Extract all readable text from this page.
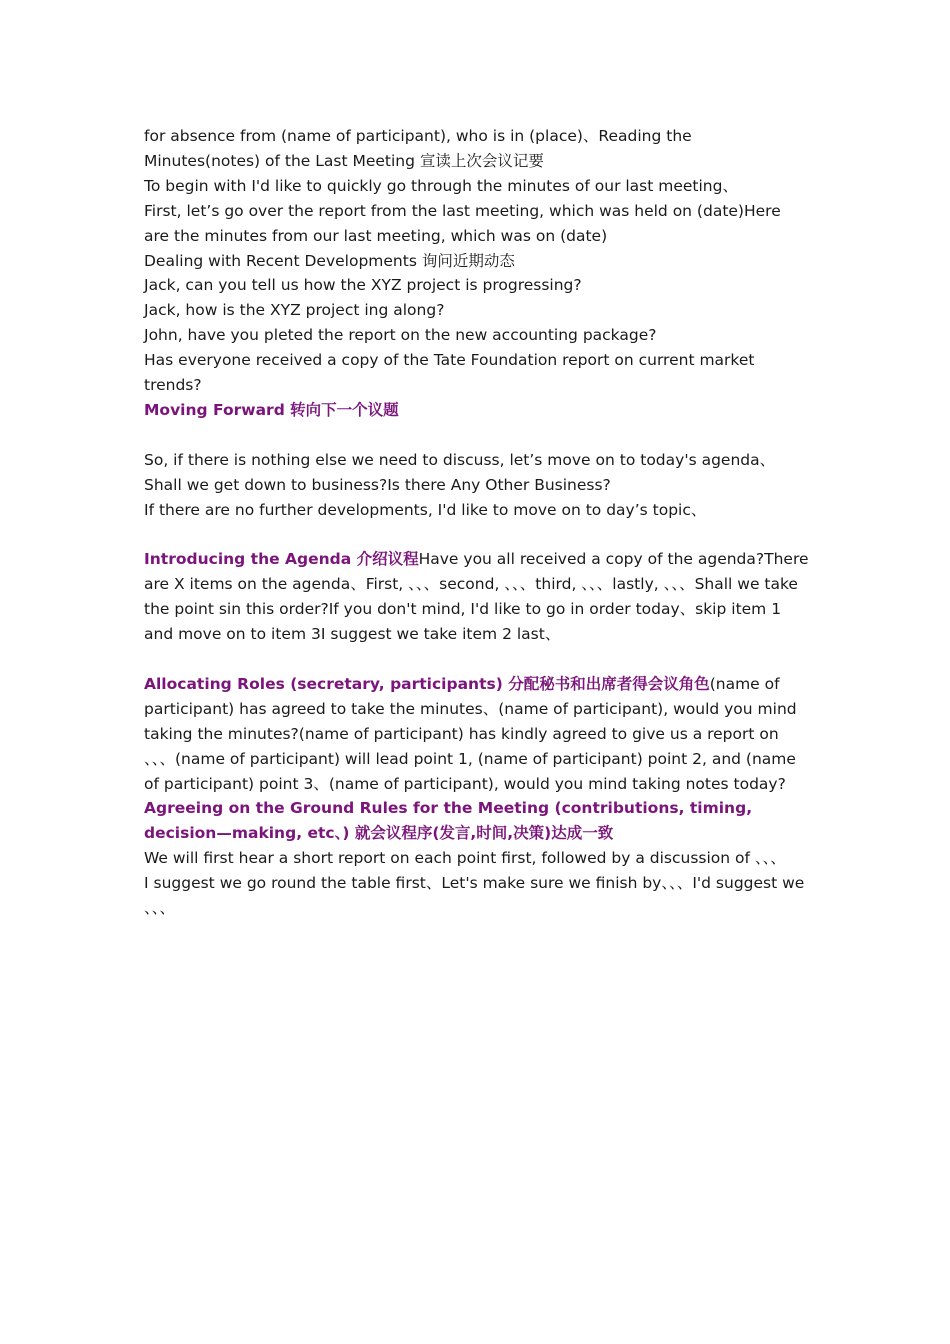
for absence from (name of participant), who is in (place)、Reading the Minutes(notes) of the Last Meeting 宣读上次会议记要
To begin with I'd like to quickly go through the minutes of our last meeting、
First, let’s go over the report from the last meeting, which was held on (date)Here are the minutes from our last meeting, which was on (date)
Dealing with Recent Developments 询问近期动态
Jack, can you tell us how the XYZ project is progressing?
Jack, how is the XYZ project ing along?
John, have you pleted the report on the new accounting package?
Has everyone received a copy of the Tate Foundation report on current market trends?
Moving Forward 转向下一个议题
So, if there is nothing else we need to discuss, let’s move on to today's agenda、Shall we get down to business?Is there Any Other Business?
If there are no further developments, I'd like to move on to day’s topic、
Introducing the Agenda 介绍议程Have you all received a copy of the agenda?There are X items on the agenda、First, 、、、second, 、、、third, 、、、lastly, 、、、Shall we take the point sin this order?If you don't mind, I'd like to go in order today、skip item 1 and move on to item 3I suggest we take item 2 last、
Allocating Roles (secretary, participants) 分配秘书和出席者得会议角色(name of participant) has agreed to take the minutes、(name of participant), would you mind taking the minutes?(name of participant) has kindly agreed to give us a report on 、、、(name of participant) will lead point 1, (name of participant) point 2, and (name of participant) point 3、(name of participant), would you mind taking notes today?
Agreeing on the Ground Rules for the Meeting (contributions, timing, decision—making, etc、) 就会议程序(发言,时间,决策)达成一致
We will first hear a short report on each point first, followed by a discussion of 、、、
I suggest we go round the table first、Let's make sure we finish by、、、I'd suggest we 、、、
